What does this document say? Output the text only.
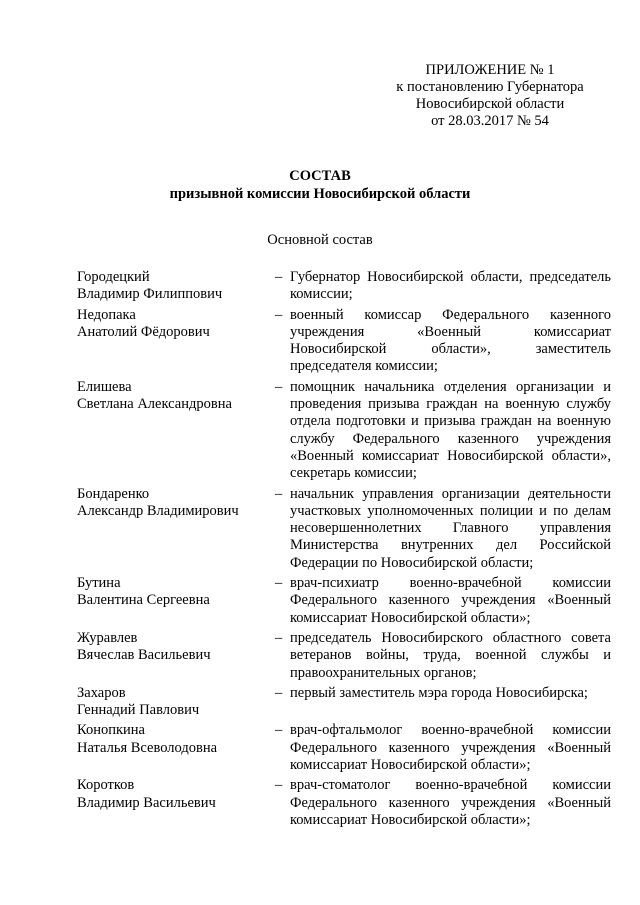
ПРИЛОЖЕНИЕ № 1
к постановлению Губернатора
Новосибирской области
от 28.03.2017 № 54
СОСТАВ
призывной комиссии Новосибирской области
Основной состав
Городецкий
Владимир Филиппович
– Губернатор Новосибирской области, председатель комиссии;
Недопака
Анатолий Фёдорович
– военный комиссар Федерального казенного учреждения «Военный комиссариат Новосибирской области», заместитель председателя комиссии;
Елишева
Светлана Александровна
– помощник начальника отделения организации и проведения призыва граждан на военную службу отдела подготовки и призыва граждан на военную службу Федерального казенного учреждения «Военный комиссариат Новосибирской области», секретарь комиссии;
Бондаренко
Александр Владимирович
– начальник управления организации деятельности участковых уполномоченных полиции и по делам несовершеннолетних Главного управления Министерства внутренних дел Российской Федерации по Новосибирской области;
Бутина
Валентина Сергеевна
– врач-психиатр военно-врачебной комиссии Федерального казенного учреждения «Военный комиссариат Новосибирской области»;
Журавлев
Вячеслав Васильевич
– председатель Новосибирского областного совета ветеранов войны, труда, военной службы и правоохранительных органов;
Захаров
Геннадий Павлович
– первый заместитель мэра города Новосибирска;
Конопкина
Наталья Всеволодовна
– врач-офтальмолог военно-врачебной комиссии Федерального казенного учреждения «Военный комиссариат Новосибирской области»;
Коротков
Владимир Васильевич
– врач-стоматолог военно-врачебной комиссии Федерального казенного учреждения «Военный комиссариат Новосибирской области»;
